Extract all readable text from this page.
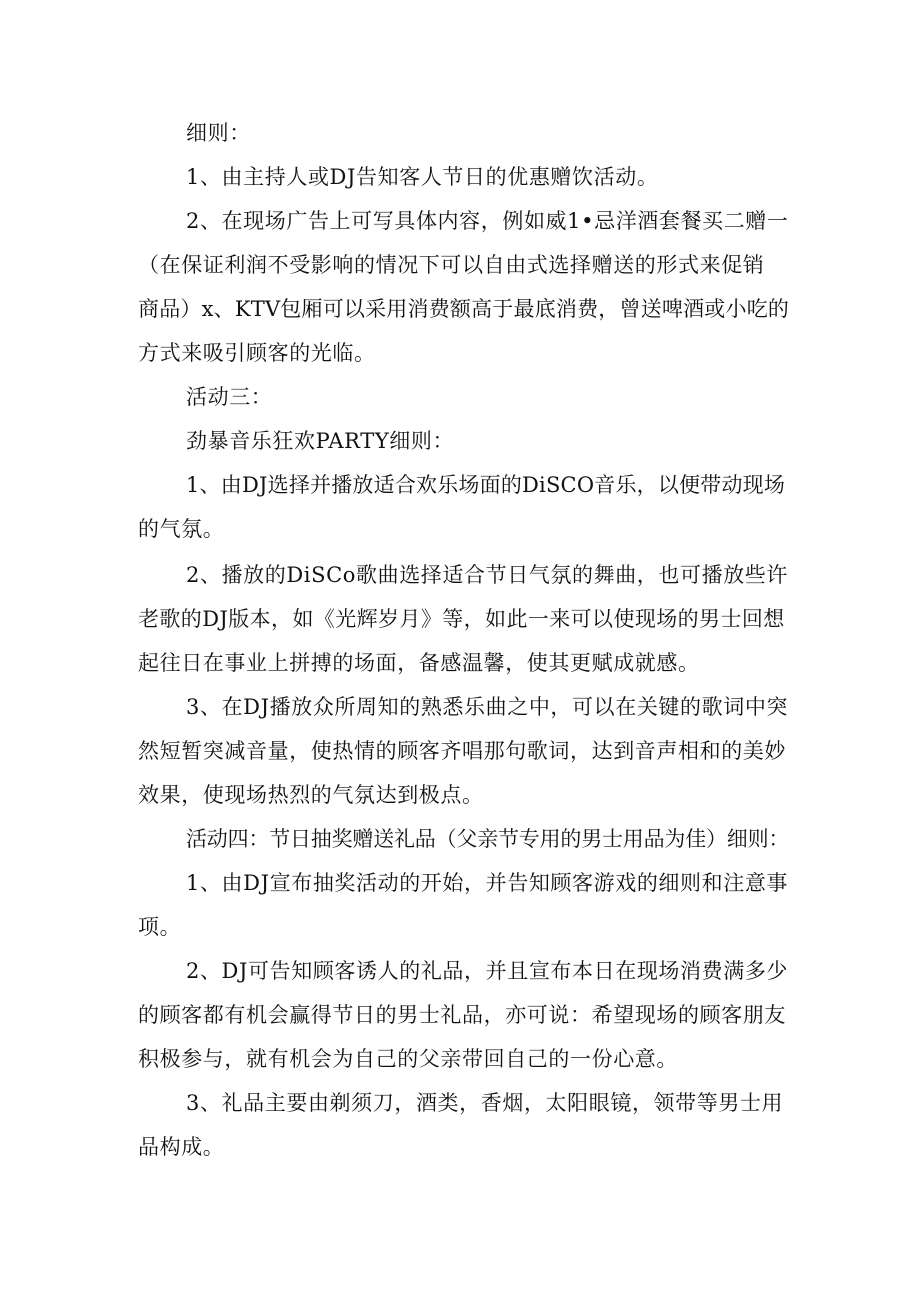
细则：
1、由主持人或DJ告知客人节日的优惠赠饮活动。
2、在现场广告上可写具体内容，例如威1•忌洋酒套餐买二赠一
（在保证利润不受影响的情况下可以自由式选择赠送的形式来促销
商品）x、KTV包厢可以采用消费额高于最底消费，曾送啤酒或小吃的
方式来吸引顾客的光临。
活动三：
劲暴音乐狂欢PARTY细则：
1、由DJ选择并播放适合欢乐场面的DiSCO音乐，以便带动现场
的气氛。
2、播放的DiSCo歌曲选择适合节日气氛的舞曲，也可播放些许
老歌的DJ版本，如《光辉岁月》等，如此一来可以使现场的男士回想
起往日在事业上拼搏的场面，备感温馨，使其更赋成就感。
3、在DJ播放众所周知的熟悉乐曲之中，可以在关键的歌词中突
然短暂突减音量，使热情的顾客齐唱那句歌词，达到音声相和的美妙
效果，使现场热烈的气氛达到极点。
活动四：节日抽奖赠送礼品（父亲节专用的男士用品为佳）细则：
1、由DJ宣布抽奖活动的开始，并告知顾客游戏的细则和注意事
项。
2、DJ可告知顾客诱人的礼品，并且宣布本日在现场消费满多少
的顾客都有机会赢得节日的男士礼品，亦可说：希望现场的顾客朋友
积极参与，就有机会为自己的父亲带回自己的一份心意。
3、礼品主要由剃须刀，酒类，香烟，太阳眼镜，领带等男士用
品构成。
